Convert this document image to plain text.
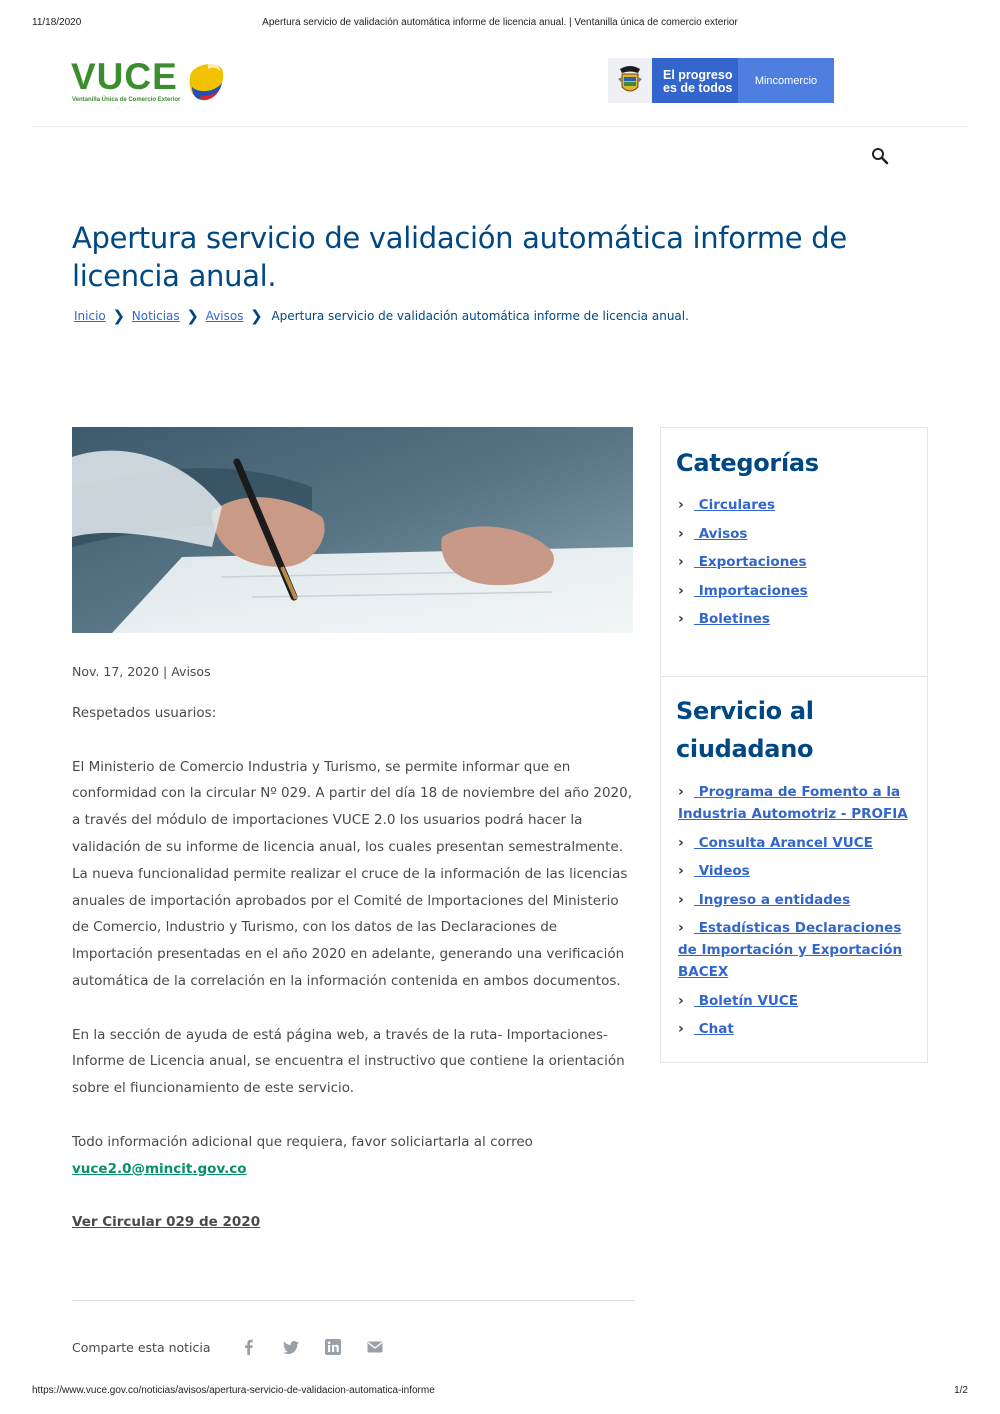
11/18/2020	Apertura servicio de validación automática informe de licencia anual. | Ventanilla única de comercio exterior
VUCE
Ventanilla Única de Comercio Exterior
El progreso
es de todos
Mincomercio
Apertura servicio de validación automática informe de licencia anual.
Inicio ❯ Noticias ❯ Avisos ❯ Apertura servicio de validación automática informe de licencia anual.
Nov. 17, 2020 | Avisos

Respetados usuarios:

El Ministerio de Comercio Industria y Turismo, se permite informar que en conformidad con la circular Nº 029. A partir del día 18 de noviembre del año 2020, a través del módulo de importaciones VUCE 2.0 los usuarios podrá hacer la validación de su informe de licencia anual, los cuales presentan semestralmente. La nueva funcionalidad permite realizar el cruce de la información de las licencias anuales de importación aprobados por el Comité de lmportaciones del Ministerio de Comercio, lndustrio y Turismo, con los datos de las Declaraciones de lmportación presentadas en el año 2020 en adelante, generando una verificación automática de la correlación en la información contenida en ambos documentos.

En la sección de ayuda de está página web, a través de la ruta- Importaciones- Informe de Licencia anual, se encuentra el instructivo que contiene la orientación sobre el fiuncionamiento de este servicio.

Todo información adicional que requiera, favor soliciartarla al correo
vuce2.0@mincit.gov.co

Ver Circular 029 de 2020

Comparte esta noticia
Categorías
› Circulares
› Avisos
› Exportaciones
› Importaciones
› Boletines
Servicio al
ciudadano
› Programa de Fomento a la Industria Automotriz - PROFIA
› Consulta Arancel VUCE
› Videos
› Ingreso a entidades
› Estadísticas Declaraciones de Importación y Exportación BACEX
› Boletín VUCE
› Chat
https://www.vuce.gov.co/noticias/avisos/apertura-servicio-de-validacion-automatica-informe	1/2
